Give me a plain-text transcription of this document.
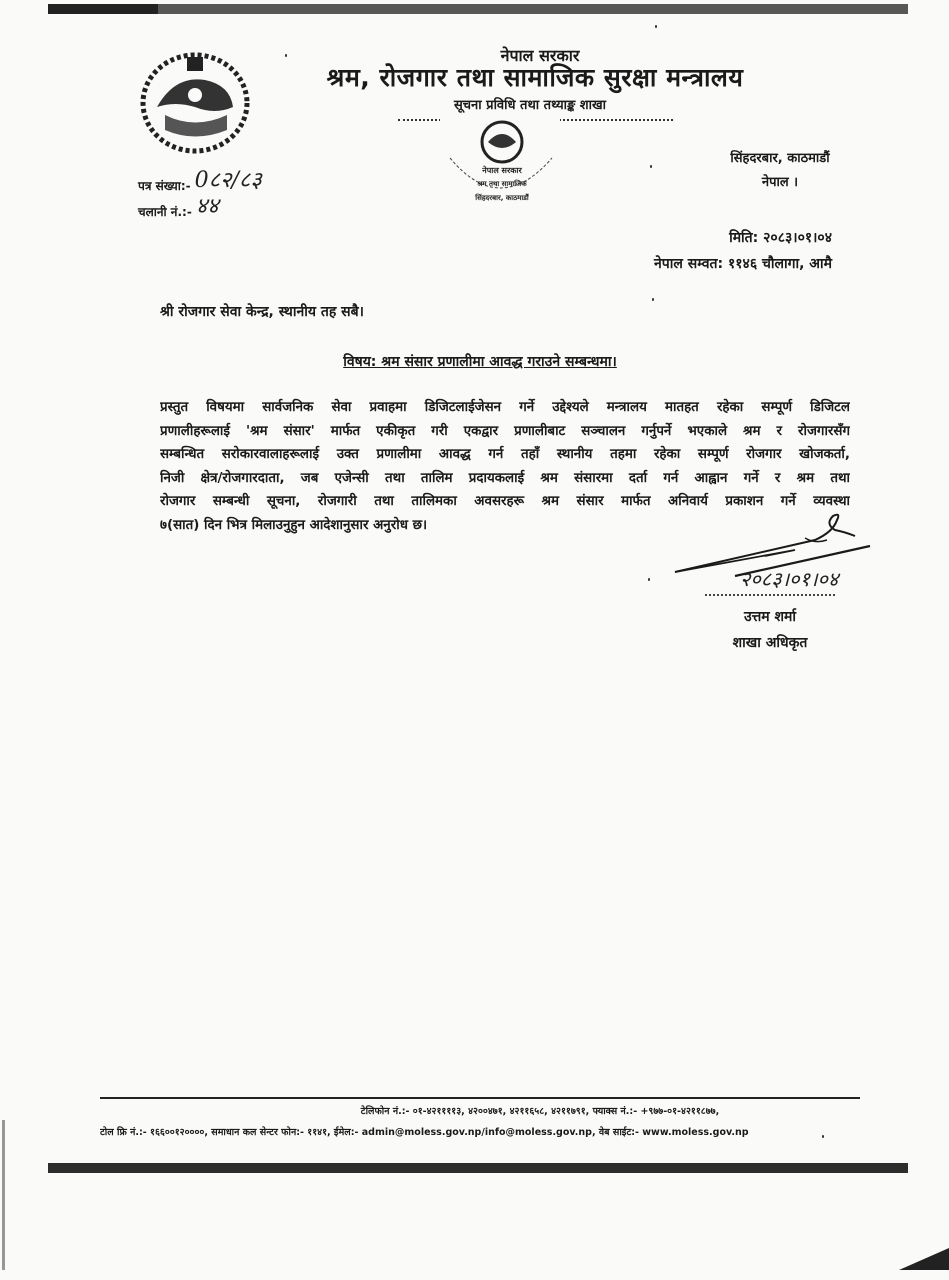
नेपाल सरकार
श्रम, रोजगार तथा सामाजिक सुरक्षा मन्त्रालय
सूचना प्रविधि तथा तथ्याङ्क शाखा
नेपाल सरकार
श्रम तथा सामाजिक
सिंहदरबार, काठमाडौं
पत्र संख्या:- 0८२/८३
चलानी नं.:- ४४
सिंहदरबार, काठमाडौं
नेपाल ।
मिति: २०८३।०१।०४
नेपाल सम्वत: ११४६ चौलागा, आमै
श्री रोजगार सेवा केन्द्र, स्थानीय तह सबै।
विषय: श्रम संसार प्रणालीमा आवद्ध गराउने सम्बन्धमा।
प्रस्तुत विषयमा सार्वजनिक सेवा प्रवाहमा डिजिटलाईजेसन गर्ने उद्देश्यले मन्त्रालय मातहत रहेका सम्पूर्ण डिजिटल
प्रणालीहरूलाई 'श्रम संसार' मार्फत एकीकृत गरी एकद्वार प्रणालीबाट सञ्चालन गर्नुपर्ने भएकाले श्रम र रोजगारसँग
सम्बन्धित सरोकारवालाहरूलाई उक्त प्रणालीमा आवद्ध गर्न तहाँ स्थानीय तहमा रहेका सम्पूर्ण रोजगार खोजकर्ता,
निजी क्षेत्र/रोजगारदाता, जब एजेन्सी तथा तालिम प्रदायकलाई श्रम संसारमा दर्ता गर्न आह्वान गर्ने र श्रम तथा
रोजगार सम्बन्धी सूचना, रोजगारी तथा तालिमका अवसरहरू श्रम संसार मार्फत अनिवार्य प्रकाशन गर्ने व्यवस्था
७(सात) दिन भित्र मिलाउनुहुन आदेशानुसार अनुरोध छ।
२०८३।०१।०४
उत्तम शर्मा
शाखा अधिकृत
टेलिफोन नं.:- ०१-४२११११३, ४२००४७१, ४२११६५८, ४२११७९१, फ्याक्स नं.:- +९७७-०१-४२११८७७,
टोल फ्रि नं.:- १६६००१२००००, समाधान कल सेन्टर फोन:- ११४१, ईमेल:- admin@moless.gov.np/info@moless.gov.np, वेब साईट:- www.moless.gov.np
